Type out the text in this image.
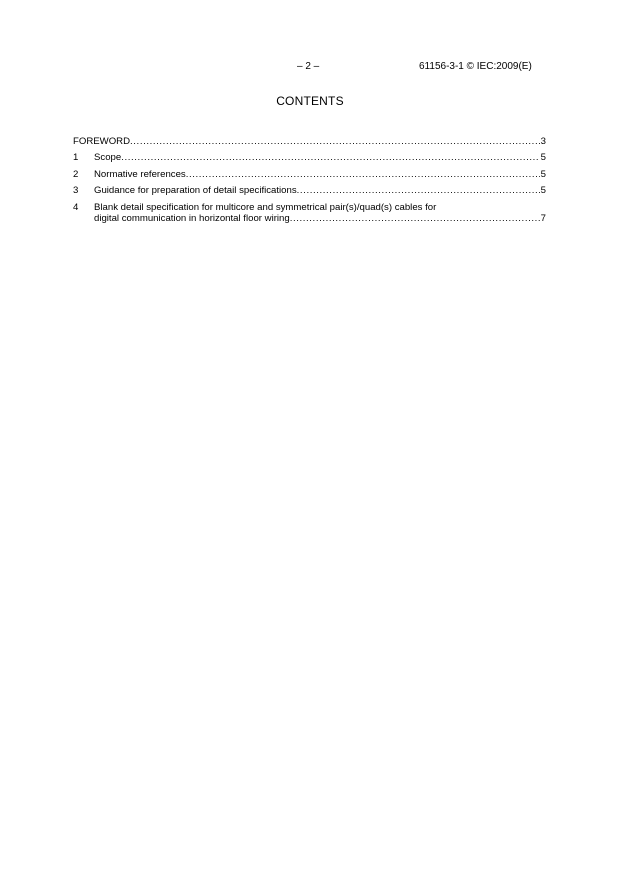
– 2 –	61156-3-1 © IEC:2009(E)
CONTENTS
FOREWORD .....	3
1	Scope .....	5
2	Normative references .....	5
3	Guidance for preparation of detail specifications .....	5
4	Blank detail specification for multicore and symmetrical pair(s)/quad(s) cables for
digital communication in horizontal floor wiring .....	7
